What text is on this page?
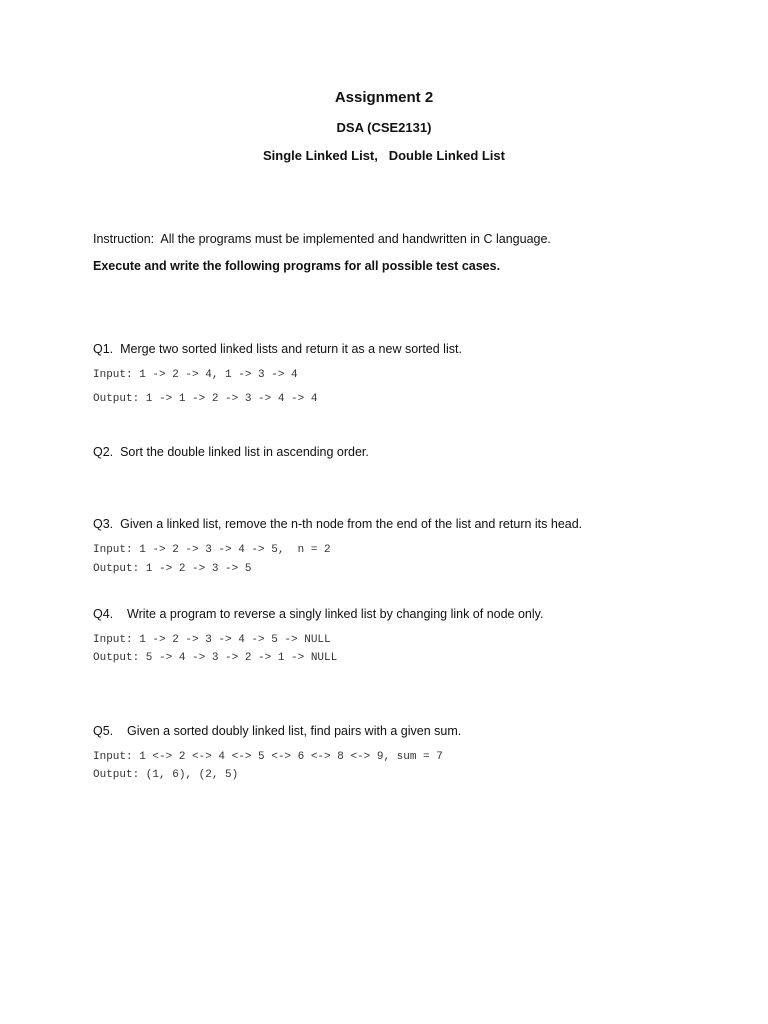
Assignment 2
DSA (CSE2131)
Single Linked List,   Double Linked List
Instruction:  All the programs must be implemented and handwritten in C language.
Execute and write the following programs for all possible test cases.
Q1.  Merge two sorted linked lists and return it as a new sorted list.
Input: 1 -> 2 -> 4, 1 -> 3 -> 4
Output: 1 -> 1 -> 2 -> 3 -> 4 -> 4
Q2.  Sort the double linked list in ascending order.
Q3.  Given a linked list, remove the n-th node from the end of the list and return its head.
Input: 1 -> 2 -> 3 -> 4 -> 5,  n = 2
Output: 1 -> 2 -> 3 -> 5
Q4.    Write a program to reverse a singly linked list by changing link of node only.
Input: 1 -> 2 -> 3 -> 4 -> 5 -> NULL
Output: 5 -> 4 -> 3 -> 2 -> 1 -> NULL
Q5.    Given a sorted doubly linked list, find pairs with a given sum.
Input: 1 <-> 2 <-> 4 <-> 5 <-> 6 <-> 8 <-> 9, sum = 7
Output: (1, 6), (2, 5)
